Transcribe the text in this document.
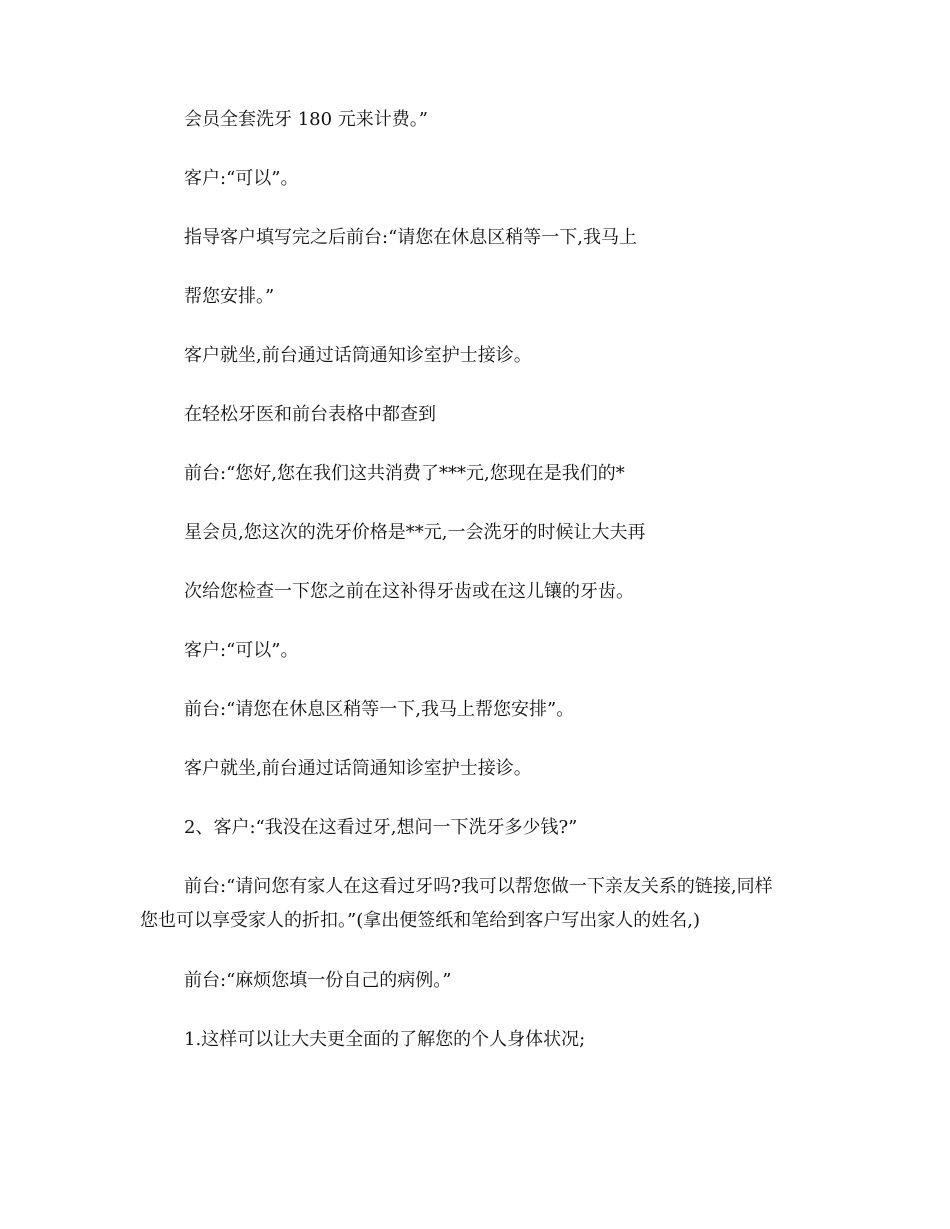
会员全套洗牙 180 元来计费。”
客户:“可以”。
指导客户填写完之后前台:“请您在休息区稍等一下,我马上
帮您安排。”
客户就坐,前台通过话筒通知诊室护士接诊。
在轻松牙医和前台表格中都查到
前台:“您好,您在我们这共消费了***元,您现在是我们的*
星会员,您这次的洗牙价格是**元,一会洗牙的时候让大夫再
次给您检查一下您之前在这补得牙齿或在这儿镶的牙齿。
客户:“可以”。
前台:“请您在休息区稍等一下,我马上帮您安排”。
客户就坐,前台通过话筒通知诊室护士接诊。
2、客户:“我没在这看过牙,想问一下洗牙多少钱?”
前台:“请问您有家人在这看过牙吗?我可以帮您做一下亲友关系的链接,同样
您也可以享受家人的折扣。”(拿出便签纸和笔给到客户写出家人的姓名,)
前台:“麻烦您填一份自己的病例。”
1.这样可以让大夫更全面的了解您的个人身体状况;
